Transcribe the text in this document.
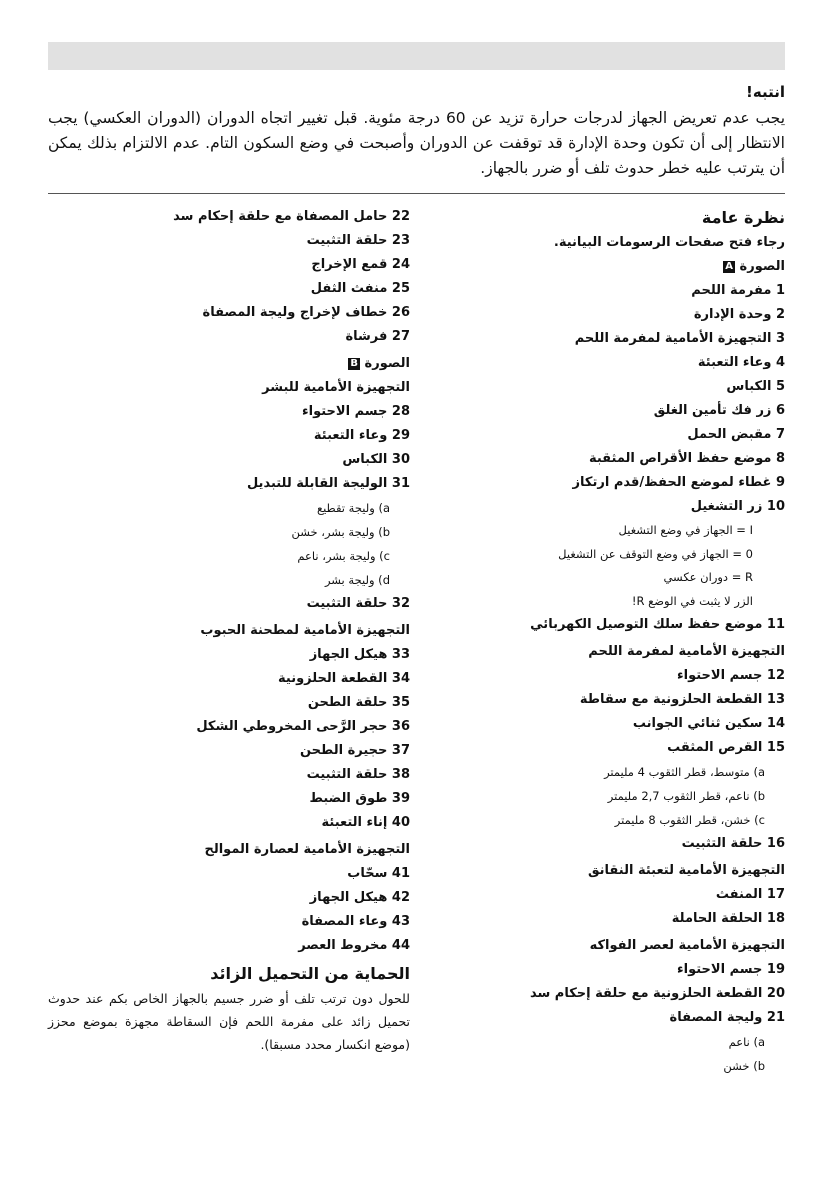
انتبه!
يجب عدم تعريض الجهاز لدرجات حرارة تزيد عن 60 درجة مئوية. قبل تغيير اتجاه الدوران (الدوران العكسي) يجب الانتظار إلى أن تكون وحدة الإدارة قد توقفت عن الدوران وأصبحت في وضع السكون التام. عدم الالتزام بذلك يمكن أن يترتب عليه خطر حدوث تلف أو ضرر بالجهاز.
نظرة عامة
رجاء فتح صفحات الرسومات البيانية.
الصورة A
1 مفرمة اللحم
2 وحدة الإدارة
3 التجهيزة الأمامية لمفرمة اللحم
4 وعاء التعبئة
5 الكباس
6 زر فك تأمين الغلق
7 مقبض الحمل
8 موضع حفظ الأقراص المثقبة
9 غطاء لموضع الحفظ/قدم ارتكاز
10 زر التشغيل
I = الجهاز في وضع التشغيل
0 = الجهاز في وضع التوقف عن التشغيل
R = دوران عكسي
الزر لا يثبت في الوضع R!
11 موضع حفظ سلك التوصيل الكهربائي
التجهيزة الأمامية لمفرمة اللحم
12 جسم الاحتواء
13 القطعة الحلزونية مع سقاطة
14 سكين ثنائي الجوانب
15 القرص المثقب
a) متوسط، قطر الثقوب 4 مليمتر
b) ناعم، قطر الثقوب 2,7 مليمتر
c) خشن، قطر الثقوب 8 مليمتر
16 حلقة التثبيت
التجهيزة الأمامية لتعبئة النقانق
17 المنفث
18 الحلقة الحاملة
التجهيزة الأمامية لعصر الفواكه
19 جسم الاحتواء
20 القطعة الحلزونية مع حلقة إحكام سد
21 وليجة المصفاة
a) ناعم
b) خشن
22 حامل المصفاة مع حلقة إحكام سد
23 حلقة التثبيت
24 قمع الإخراج
25 منفث الثفل
26 خطاف لإخراج وليجة المصفاة
27 فرشاة
الصورة B
التجهيزة الأمامية للبشر
28 جسم الاحتواء
29 وعاء التعبئة
30 الكباس
31 الوليجة القابلة للتبديل
a) وليجة تقطيع
b) وليجة بشر، خشن
c) وليجة بشر، ناعم
d) وليجة بشر
32 حلقة التثبيت
التجهيزة الأمامية لمطحنة الحبوب
33 هيكل الجهاز
34 القطعة الحلزونية
35 حلقة الطحن
36 حجر الرَّحى المخروطي الشكل
37 حجيرة الطحن
38 حلقة التثبيت
39 طوق الضبط
40 إناء التعبئة
التجهيزة الأمامية لعصارة الموالح
41 سحّاب
42 هيكل الجهاز
43 وعاء المصفاة
44 مخروط العصر
الحماية من التحميل الزائد
للحول دون ترتب تلف أو ضرر جسيم بالجهاز الخاص بكم عند حدوث تحميل زائد على مفرمة اللحم فإن السقاطة مجهزة بموضع محزز (موضع انكسار محدد مسبقا).
